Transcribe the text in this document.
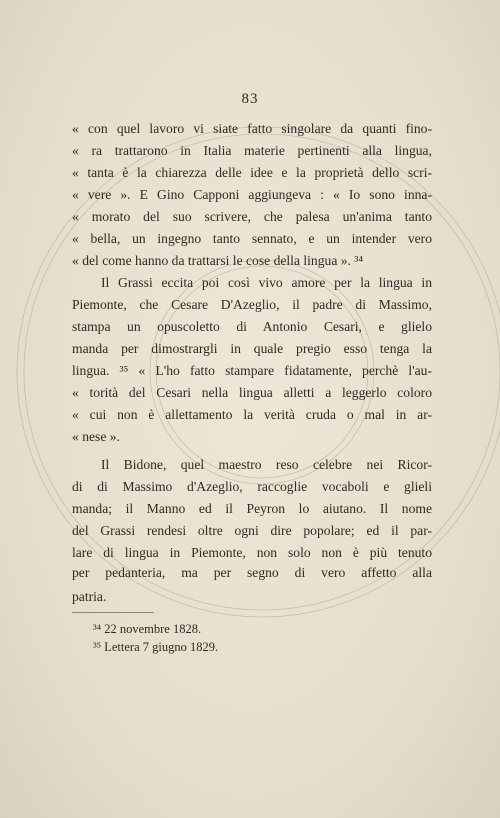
83
« con quel lavoro vi siate fatto singolare da quanti fino-
« ra trattarono in Italia materie pertinenti alla lingua,
« tanta è la chiarezza delle idee e la proprietà dello scri-
« vere ». E Gino Capponi aggiungeva : « Io sono inna-
« morato del suo scrivere, che palesa un'anima tanto
« bella, un ingegno tanto sennato, e un intender vero
« del come hanno da trattarsi le cose della lingua ». ³⁴
Il Grassi eccita poi così vivo amore per la lingua in
Piemonte, che Cesare D'Azeglio, il padre di Massimo,
stampa un opuscoletto di Antonio Cesari, e glielo
manda per dimostrargli in quale pregio esso tenga la
lingua. ³⁵ « L'ho fatto stampare fidatamente, perchè l'au-
« torità del Cesari nella lingua alletti a leggerlo coloro
« cui non è allettamento la verità cruda o mal in ar-
« nese ».
Il Bidone, quel maestro reso celebre nei Ricor-
di di Massimo d'Azeglio, raccoglie vocaboli e glieli
manda; il Manno ed il Peyron lo aiutano. Il nome
del Grassi rendesi oltre ogni dire popolare; ed il par-
lare di lingua in Piemonte, non solo non è più tenuto
per pedanteria, ma per segno di vero affetto alla
patria.
³⁴ 22 novembre 1828.
³⁵ Lettera 7 giugno 1829.
